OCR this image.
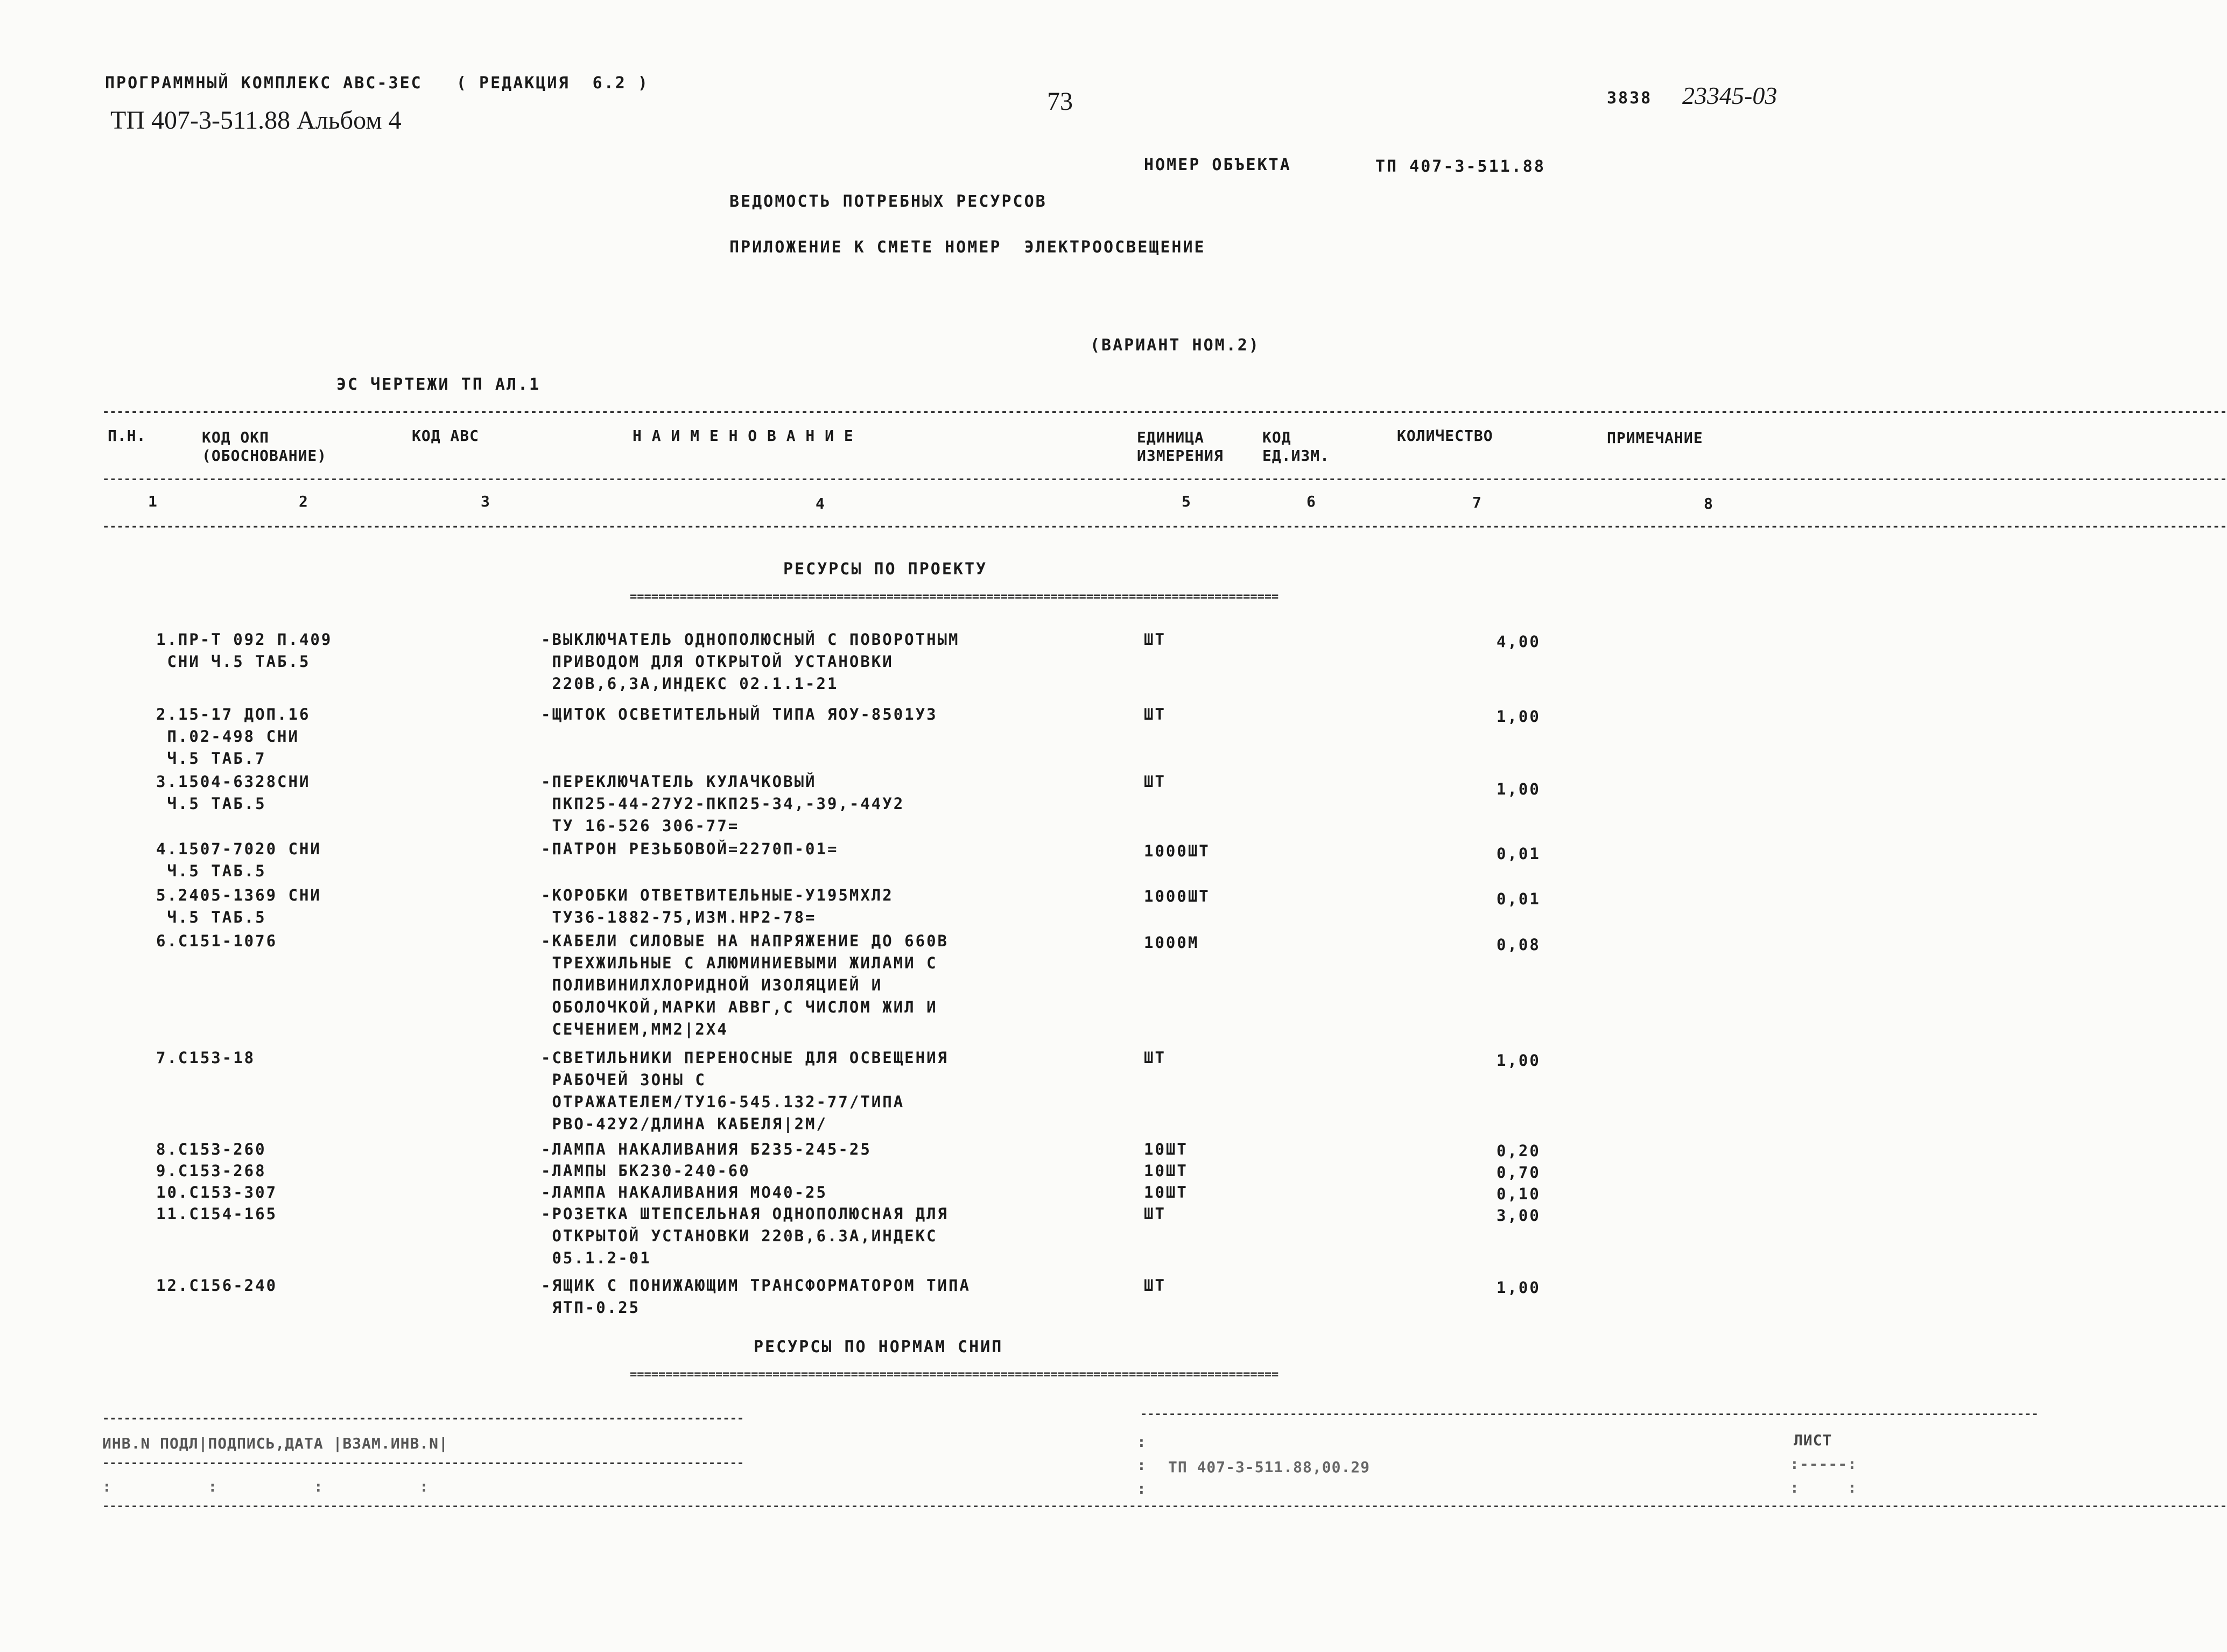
ПРОГРАММНЫЙ КОМПЛЕКС АВС-3ЕС   ( РЕДАКЦИЯ  6.2 )
ТП 407-3-511.88 Альбом 4
73	3838 23345-03
НОМЕР ОБЪЕКТА	ТП 407-3-511.88
ВЕДОМОСТЬ ПОТРЕБНЫХ РЕСУРСОВ
ПРИЛОЖЕНИЕ К СМЕТЕ НОМЕР  ЭЛЕКТРООСВЕЩЕНИЕ
(ВАРИАНТ НОМ.2)
ЭС ЧЕРТЕЖИ ТП АЛ.1
----------------------------------------------------------------------------------------------------------------------------------------------------------------------------------------------------------------------------------------------------------------------------------------------------------
П.Н.	КОД ОКП
(ОБОСНОВАНИЕ)
КОД АВС	Н А И М Е Н О В А Н И Е	ЕДИНИЦА
ИЗМЕРЕНИЯ
КОД
ЕД.ИЗМ.
КОЛИЧЕСТВО	ПРИМЕЧАНИЕ
----------------------------------------------------------------------------------------------------------------------------------------------------------------------------------------------------------------------------------------------------------------------------------------------------------
1	2	3	4	5	6	7	8
----------------------------------------------------------------------------------------------------------------------------------------------------------------------------------------------------------------------------------------------------------------------------------------------------------
РЕСУРСЫ ПО ПРОЕКТУ
===========================================================================================
1.ПР-Т 092 П.409
СНИ Ч.5 ТАБ.5
-ВЫКЛЮЧАТЕЛЬ ОДНОПОЛЮСНЫЙ С ПОВОРОТНЫМ
ПРИВОДОМ ДЛЯ ОТКРЫТОЙ УСТАНОВКИ
220В,6,3А,ИНДЕКС 02.1.1-21
ШТ	4,00
2.15-17 ДОП.16
П.02-498 СНИ
Ч.5 ТАБ.7
-ЩИТОК ОСВЕТИТЕЛЬНЫЙ ТИПА ЯОУ-8501УЗ	ШТ	1,00
3.1504-6328СНИ
Ч.5 ТАБ.5
-ПЕРЕКЛЮЧАТЕЛЬ КУЛАЧКОВЫЙ
ПКП25-44-27У2-ПКП25-34,-39,-44У2
ТУ 16-526 306-77=
ШТ	1,00
4.1507-7020 СНИ
Ч.5 ТАБ.5
-ПАТРОН РЕЗЬБОВОЙ=2270П-01=	1000ШТ	0,01
5.2405-1369 СНИ
Ч.5 ТАБ.5
-КОРОБКИ ОТВЕТВИТЕЛЬНЫЕ-У195МХЛ2
ТУ36-1882-75,ИЗМ.НР2-78=
1000ШТ	0,01
6.С151-1076	-КАБЕЛИ СИЛОВЫЕ НА НАПРЯЖЕНИЕ ДО 660В
ТРЕХЖИЛЬНЫЕ С АЛЮМИНИЕВЫМИ ЖИЛАМИ С
ПОЛИВИНИЛХЛОРИДНОЙ ИЗОЛЯЦИЕЙ И
ОБОЛОЧКОЙ,МАРКИ АВВГ,С ЧИСЛОМ ЖИЛ И
СЕЧЕНИЕМ,ММ2|2Х4
1000М	0,08
7.С153-18	-СВЕТИЛЬНИКИ ПЕРЕНОСНЫЕ ДЛЯ ОСВЕЩЕНИЯ
РАБОЧЕЙ ЗОНЫ С
ОТРАЖАТЕЛЕМ/ТУ16-545.132-77/ТИПА
РВО-42У2/ДЛИНА КАБЕЛЯ|2М/
ШТ	1,00
8.С153-260	-ЛАМПА НАКАЛИВАНИЯ Б235-245-25	10ШТ	0,20
9.С153-268	-ЛАМПЫ БК230-240-60	10ШТ	0,70
10.С153-307	-ЛАМПА НАКАЛИВАНИЯ МО40-25	10ШТ	0,10
11.С154-165	-РОЗЕТКА ШТЕПСЕЛЬНАЯ ОДНОПОЛЮСНАЯ ДЛЯ
ОТКРЫТОЙ УСТАНОВКИ 220В,6.3А,ИНДЕКС
05.1.2-01
ШТ	3,00
12.С156-240	-ЯЩИК С ПОНИЖАЮЩИМ ТРАНСФОРМАТОРОМ ТИПА
ЯТП-0.25
ШТ	1,00
РЕСУРСЫ ПО НОРМАМ СНИП
===========================================================================================
------------------------------------------------------------------------------------------	------------------------------------------------------------------------------------------------------------------------------
ИНВ.N ПОДЛ|ПОДПИСЬ,ДАТА |ВЗАМ.ИНВ.N|
------------------------------------------------------------------------------------------
:          :          :          :
:
:
:
ТП 407-3-511.88,00.29
ЛИСТ
:-----:
:     :
----------------------------------------------------------------------------------------------------------------------------------------------------------------------------------------------------------------------------------------------------------------------------------------------------------
